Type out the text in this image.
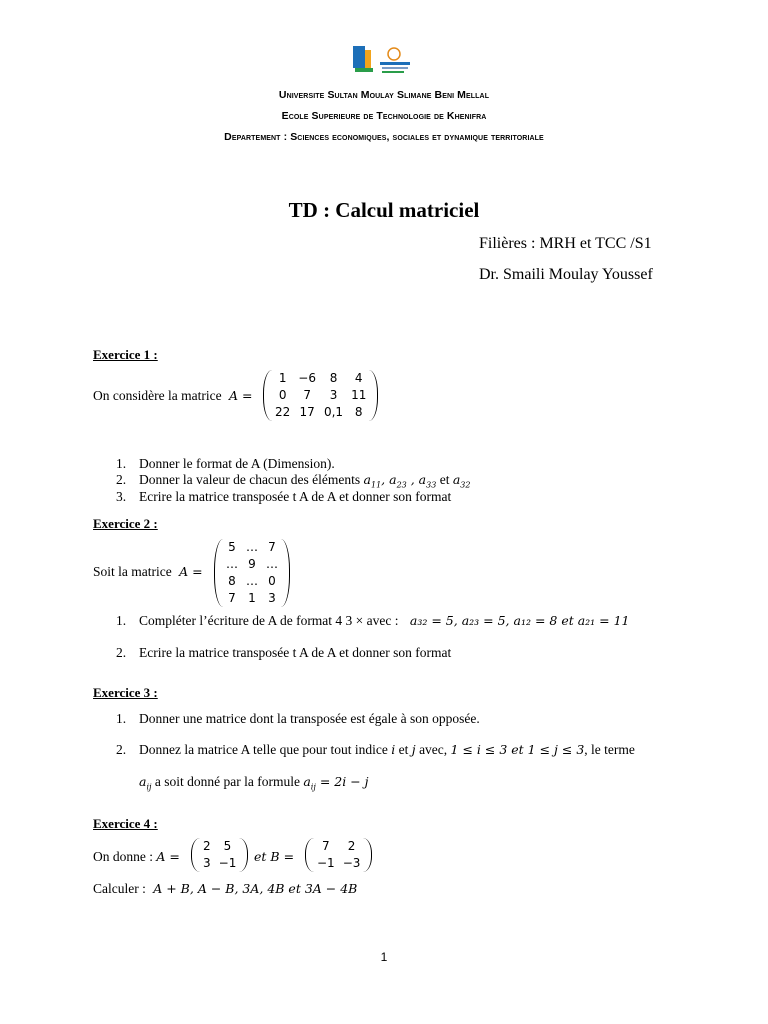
Universite Sultan Moulay Slimane Beni Mellal
Ecole Superieure de Technologie de Khenifra
Departement : Sciences economiques, sociales et dynamique territoriale
TD : Calcul matriciel
Filières : MRH et TCC /S1
Dr. Smaili Moulay Youssef
Exercice 1 :
On considère la matrice A =
1	−6	8	4
0	7	3	11
22	17	0,1	8
1. Donner le format de A (Dimension).
2. Donner la valeur de chacun des éléments $a_{11}$, $a_{23}$ , $a_{33}$ et $a_{32}$
3. Ecrire la matrice transposée t A de A et donner son format
Exercice 2 :
Soit la matrice A =
5	…	7
…	9	…
8	…	0
7	1	3
1. Compléter l’écriture de A de format 4 3 × avec : a₃₂ = 5, a₂₃ = 5, a₁₂ = 8 et a₂₁ = 11
2. Ecrire la matrice transposée t A de A et donner son format
Exercice 3 :
1. Donner une matrice dont la transposée est égale à son opposée.
2. Donnez la matrice A telle que pour tout indice i et j avec, 1 ≤ i ≤ 3 et 1 ≤ j ≤ 3, le terme
$a_{ij}$ a soit donné par la formule $a_{ij} = 2i - j$
Exercice 4 :
On donne : A =
2	5
3	−1 et B =
7	2
−1	−3
Calculer : A + B, A − B, 3A, 4B et 3A − 4B
1
